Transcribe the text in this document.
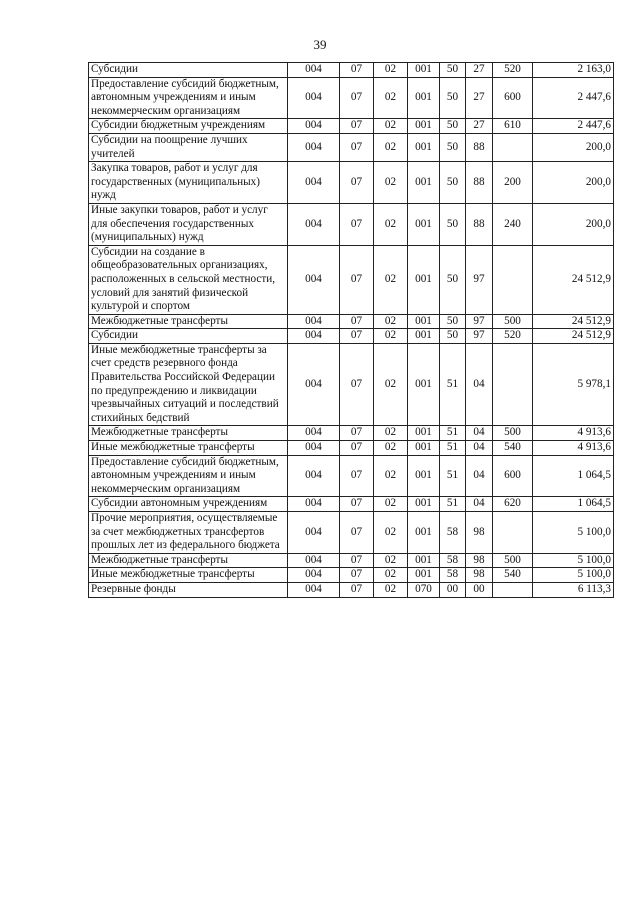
39
Субсидии	004	07	02	001	50	27	520	2 163,0
Предоставление субсидий бюджетным, автономным учреждениям и иным некоммерческим организациям	004	07	02	001	50	27	600	2 447,6
Субсидии бюджетным учреждениям	004	07	02	001	50	27	610	2 447,6
Субсидии на поощрение лучших учителей	004	07	02	001	50	88		200,0
Закупка товаров, работ и услуг для государственных (муниципальных) нужд	004	07	02	001	50	88	200	200,0
Иные закупки товаров, работ и услуг для обеспечения государственных (муниципальных) нужд	004	07	02	001	50	88	240	200,0
Субсидии на создание в общеобразовательных организациях, расположенных в сельской местности, условий для занятий физической культурой и спортом	004	07	02	001	50	97		24 512,9
Межбюджетные трансферты	004	07	02	001	50	97	500	24 512,9
Субсидии	004	07	02	001	50	97	520	24 512,9
Иные межбюджетные трансферты за счет средств резервного фонда Правительства Российской Федерации по предупреждению и ликвидации чрезвычайных ситуаций и последствий стихийных бедствий	004	07	02	001	51	04		5 978,1
Межбюджетные трансферты	004	07	02	001	51	04	500	4 913,6
Иные межбюджетные трансферты	004	07	02	001	51	04	540	4 913,6
Предоставление субсидий бюджетным, автономным учреждениям и иным некоммерческим организациям	004	07	02	001	51	04	600	1 064,5
Субсидии автономным учреждениям	004	07	02	001	51	04	620	1 064,5
Прочие мероприятия, осуществляемые за счет межбюджетных трансфертов прошлых лет из федерального бюджета	004	07	02	001	58	98		5 100,0
Межбюджетные трансферты	004	07	02	001	58	98	500	5 100,0
Иные межбюджетные трансферты	004	07	02	001	58	98	540	5 100,0
Резервные фонды	004	07	02	070	00	00		6 113,3
